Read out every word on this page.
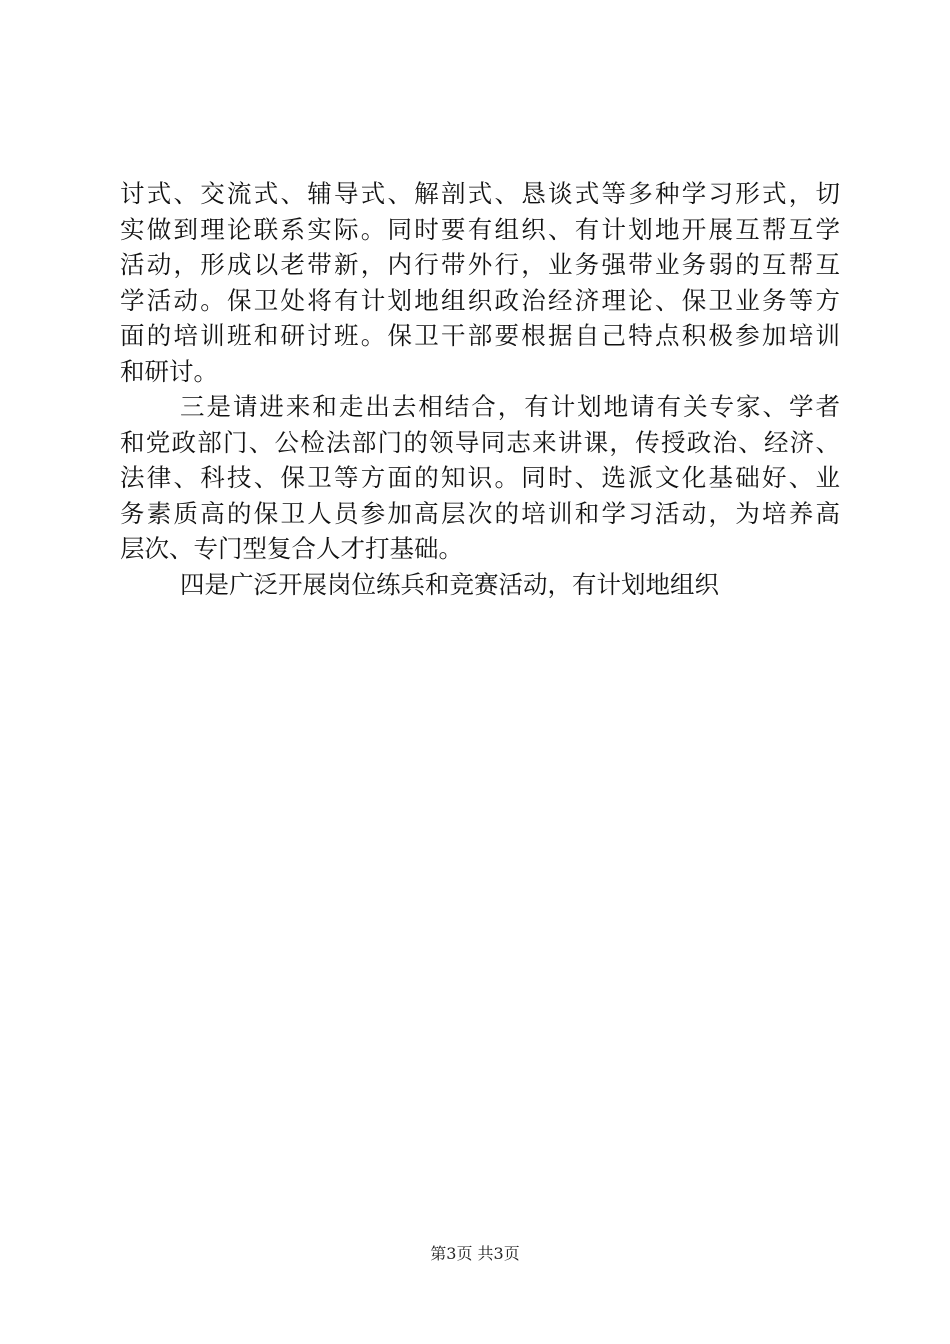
讨式、交流式、辅导式、解剖式、恳谈式等多种学习形式，切
实做到理论联系实际。同时要有组织、有计划地开展互帮互学
活动，形成以老带新，内行带外行，业务强带业务弱的互帮互
学活动。保卫处将有计划地组织政治经济理论、保卫业务等方
面的培训班和研讨班。保卫干部要根据自己特点积极参加培训
和研讨。
三是请进来和走出去相结合，有计划地请有关专家、学者
和党政部门、公检法部门的领导同志来讲课，传授政治、经济、
法律、科技、保卫等方面的知识。同时、选派文化基础好、业
务素质高的保卫人员参加高层次的培训和学习活动，为培养高
层次、专门型复合人才打基础。
四是广泛开展岗位练兵和竞赛活动，有计划地组织
第3页 共3页
